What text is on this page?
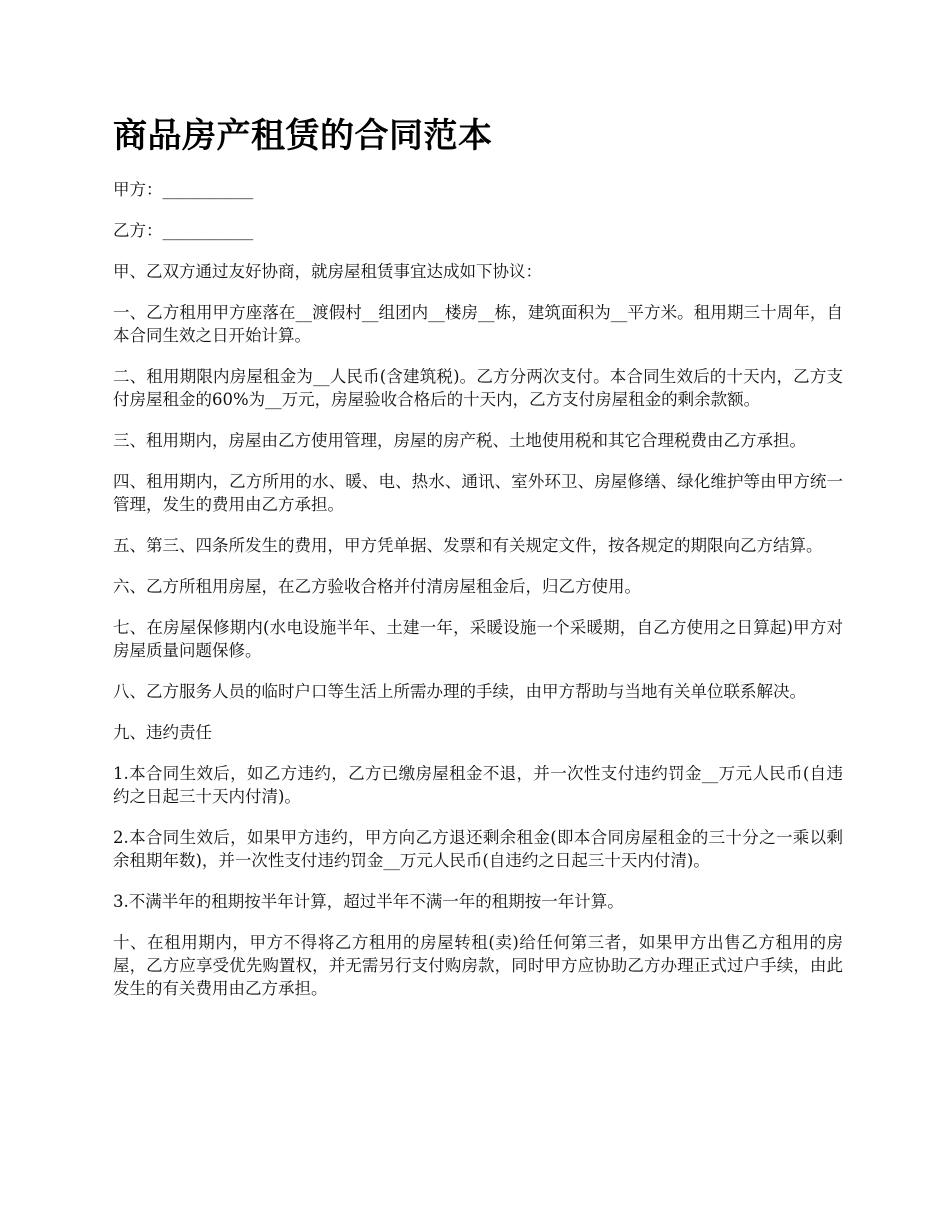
商品房产租赁的合同范本

甲方：___________

乙方：___________

甲、乙双方通过友好协商，就房屋租赁事宜达成如下协议：

一、乙方租用甲方座落在__渡假村__组团内__楼房__栋，建筑面积为__平方米。租用期三十周年，自本合同生效之日开始计算。

二、租用期限内房屋租金为__人民币(含建筑税)。乙方分两次支付。本合同生效后的十天内，乙方支付房屋租金的60%为__万元，房屋验收合格后的十天内，乙方支付房屋租金的剩余款额。

三、租用期内，房屋由乙方使用管理，房屋的房产税、土地使用税和其它合理税费由乙方承担。

四、租用期内，乙方所用的水、暖、电、热水、通讯、室外环卫、房屋修缮、绿化维护等由甲方统一管理，发生的费用由乙方承担。

五、第三、四条所发生的费用，甲方凭单据、发票和有关规定文件，按各规定的期限向乙方结算。

六、乙方所租用房屋，在乙方验收合格并付清房屋租金后，归乙方使用。

七、在房屋保修期内(水电设施半年、土建一年，采暖设施一个采暖期，自乙方使用之日算起)甲方对房屋质量问题保修。

八、乙方服务人员的临时户口等生活上所需办理的手续，由甲方帮助与当地有关单位联系解决。

九、违约责任

1.本合同生效后，如乙方违约，乙方已缴房屋租金不退，并一次性支付违约罚金__万元人民币(自违约之日起三十天内付清)。

2.本合同生效后，如果甲方违约，甲方向乙方退还剩余租金(即本合同房屋租金的三十分之一乘以剩余租期年数)，并一次性支付违约罚金__万元人民币(自违约之日起三十天内付清)。

3.不满半年的租期按半年计算，超过半年不满一年的租期按一年计算。

十、在租用期内，甲方不得将乙方租用的房屋转租(卖)给任何第三者，如果甲方出售乙方租用的房屋，乙方应享受优先购置权，并无需另行支付购房款，同时甲方应协助乙方办理正式过户手续，由此发生的有关费用由乙方承担。
